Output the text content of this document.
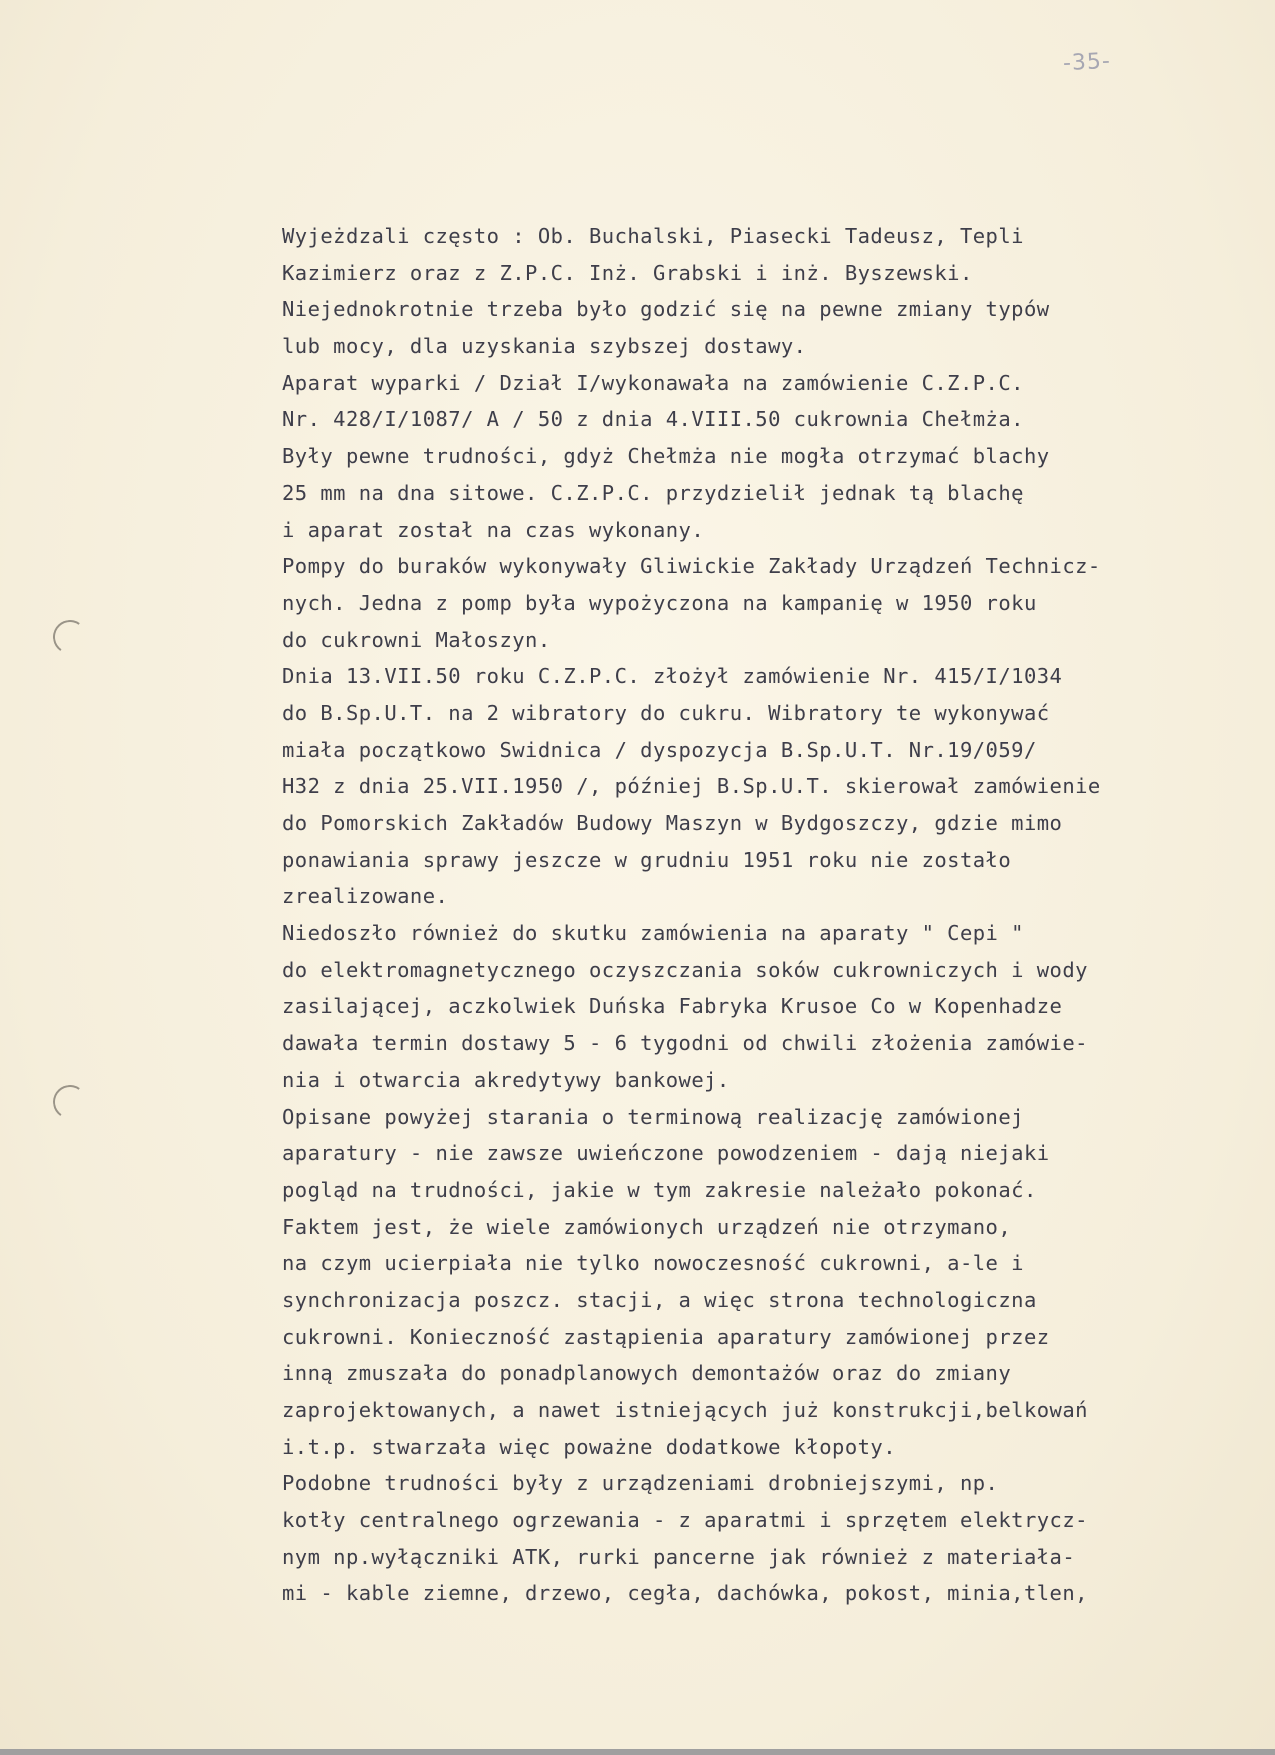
-35-
Wyjeżdzali często : Ob. Buchalski, Piasecki Tadeusz, Tepli
Kazimierz oraz z Z.P.C. Inż. Grabski i inż. Byszewski.
Niejednokrotnie trzeba było godzić się na pewne zmiany typów
lub mocy, dla uzyskania szybszej dostawy.
Aparat wyparki / Dział I/wykonawała na zamówienie C.Z.P.C.
Nr. 428/I/1087/ A / 50 z dnia 4.VIII.50 cukrownia Chełmża.
Były pewne trudności, gdyż Chełmża nie mogła otrzymać blachy
25 mm na dna sitowe. C.Z.P.C. przydzielił jednak tą blachę
i aparat został na czas wykonany.
Pompy do buraków wykonywały Gliwickie Zakłady Urządzeń Technicz-
nych. Jedna z pomp była wypożyczona na kampanię w 1950 roku
do cukrowni Małoszyn.
Dnia 13.VII.50 roku C.Z.P.C. złożył zamówienie Nr. 415/I/1034
do B.Sp.U.T. na 2 wibratory do cukru. Wibratory te wykonywać
miała początkowo Swidnica / dyspozycja B.Sp.U.T. Nr.19/059/
H32 z dnia 25.VII.1950 /, później B.Sp.U.T. skierował zamówienie
do Pomorskich Zakładów Budowy Maszyn w Bydgoszczy, gdzie mimo
ponawiania sprawy jeszcze w grudniu 1951 roku nie zostało
zrealizowane.
Niedoszło również do skutku zamówienia na aparaty " Cepi "
do elektromagnetycznego oczyszczania soków cukrowniczych i wody
zasilającej, aczkolwiek Duńska Fabryka Krusoe Co w Kopenhadze
dawała termin dostawy 5 - 6 tygodni od chwili złożenia zamówie-
nia i otwarcia akredytywy bankowej.
Opisane powyżej starania o terminową realizację zamówionej
aparatury - nie zawsze uwieńczone powodzeniem - dają niejaki
pogląd na trudności, jakie w tym zakresie należało pokonać.
Faktem jest, że wiele zamówionych urządzeń nie otrzymano,
na czym ucierpiała nie tylko nowoczesność cukrowni, a-le i
synchronizacja poszcz. stacji, a więc strona technologiczna
cukrowni. Konieczność zastąpienia aparatury zamówionej przez
inną zmuszała do ponadplanowych demontażów oraz do zmiany
zaprojektowanych, a nawet istniejących już konstrukcji,belkowań
i.t.p. stwarzała więc poważne dodatkowe kłopoty.
Podobne trudności były z urządzeniami drobniejszymi, np.
kotły centralnego ogrzewania - z aparatmi i sprzętem elektrycz-
nym np.wyłączniki ATK, rurki pancerne jak również z materiała-
mi - kable ziemne, drzewo, cegła, dachówka, pokost, minia,tlen,
